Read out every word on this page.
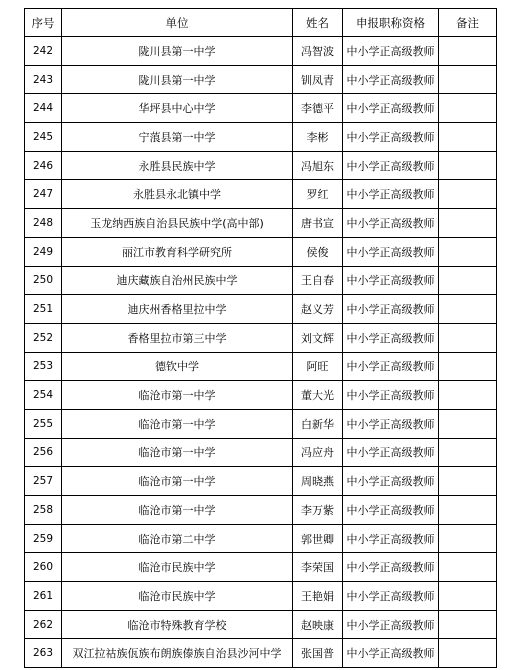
序号	单位	姓名	申报职称资格	备注
242	陇川县第一中学	冯智波	中小学正高级教师	
243	陇川县第一中学	钏凤青	中小学正高级教师	
244	华坪县中心中学	李德平	中小学正高级教师	
245	宁蒗县第一中学	李彬	中小学正高级教师	
246	永胜县民族中学	冯旭东	中小学正高级教师	
247	永胜县永北镇中学	罗红	中小学正高级教师	
248	玉龙纳西族自治县民族中学(高中部)	唐书宣	中小学正高级教师	
249	丽江市教育科学研究所	侯俊	中小学正高级教师	
250	迪庆藏族自治州民族中学	王自春	中小学正高级教师	
251	迪庆州香格里拉中学	赵义芳	中小学正高级教师	
252	香格里拉市第三中学	刘文辉	中小学正高级教师	
253	德钦中学	阿旺	中小学正高级教师	
254	临沧市第一中学	董大光	中小学正高级教师	
255	临沧市第一中学	白新华	中小学正高级教师	
256	临沧市第一中学	冯应舟	中小学正高级教师	
257	临沧市第一中学	周晓燕	中小学正高级教师	
258	临沧市第一中学	李万紫	中小学正高级教师	
259	临沧市第二中学	郭世卿	中小学正高级教师	
260	临沧市民族中学	李荣国	中小学正高级教师	
261	临沧市民族中学	王艳娟	中小学正高级教师	
262	临沧市特殊教育学校	赵映康	中小学正高级教师	
263	双江拉祜族佤族布朗族傣族自治县沙河中学	张国普	中小学正高级教师	
